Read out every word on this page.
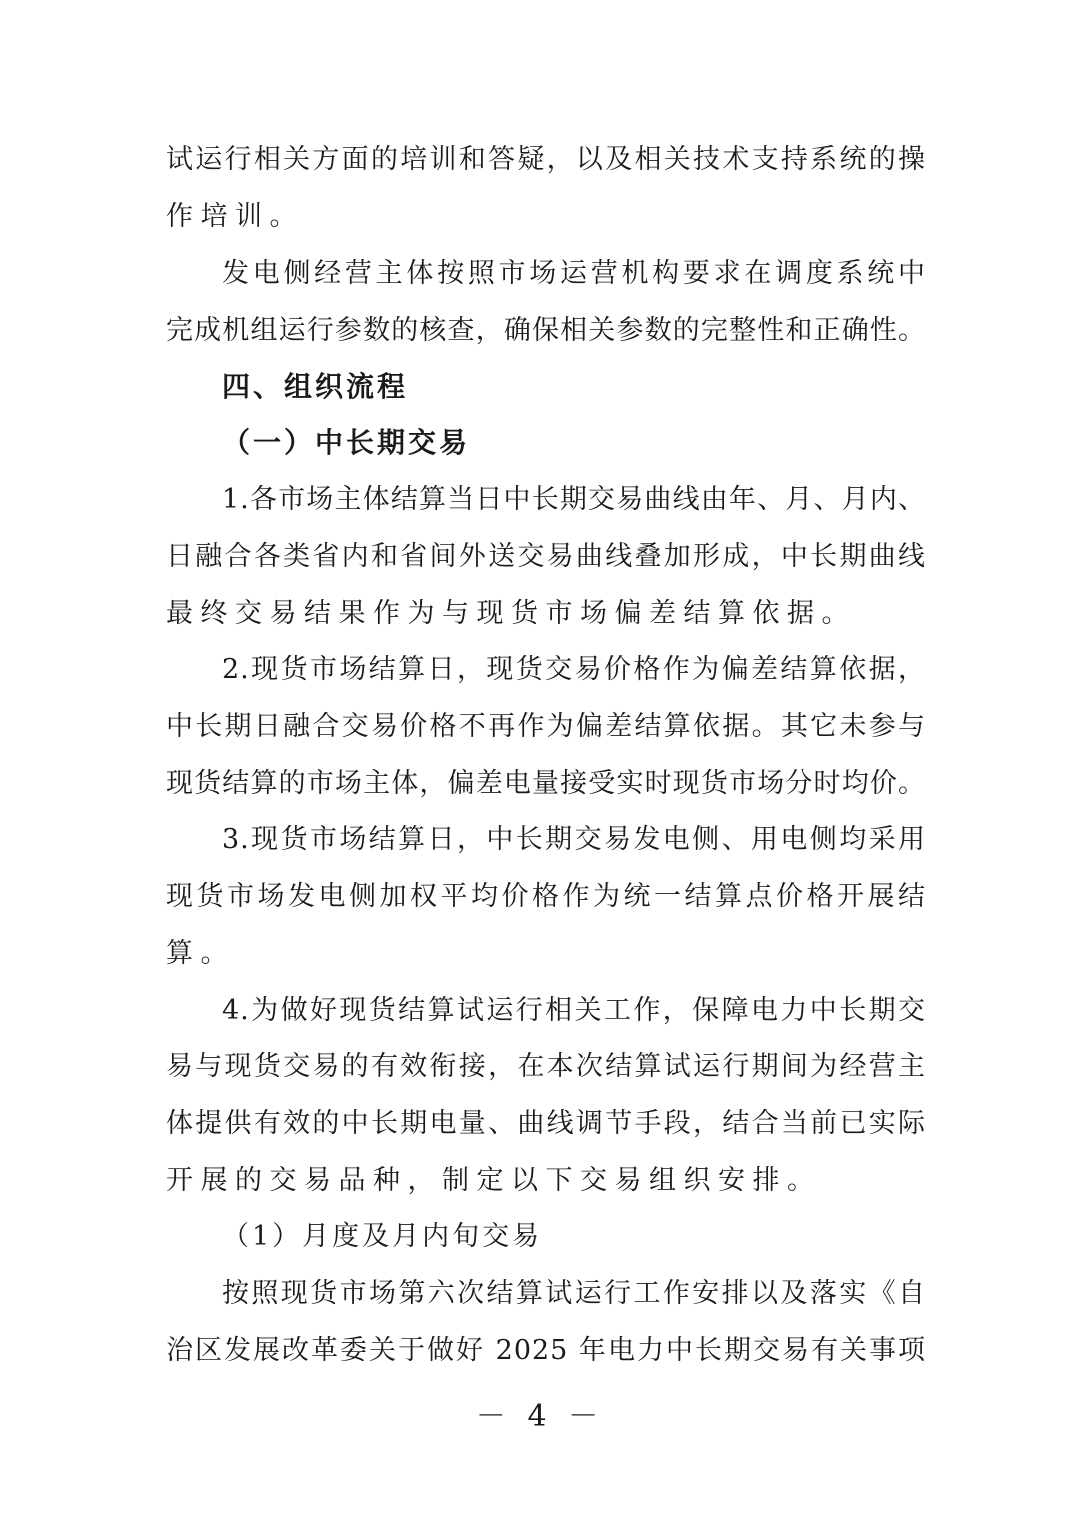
试运行相关方面的培训和答疑，以及相关技术支持系统的操
作培训。
发电侧经营主体按照市场运营机构要求在调度系统中
完成机组运行参数的核查，确保相关参数的完整性和正确性。
四、组织流程
（一）中长期交易
1.各市场主体结算当日中长期交易曲线由年、月、月内、
日融合各类省内和省间外送交易曲线叠加形成，中长期曲线
最终交易结果作为与现货市场偏差结算依据。
2.现货市场结算日，现货交易价格作为偏差结算依据，
中长期日融合交易价格不再作为偏差结算依据。其它未参与
现货结算的市场主体，偏差电量接受实时现货市场分时均价。
3.现货市场结算日，中长期交易发电侧、用电侧均采用
现货市场发电侧加权平均价格作为统一结算点价格开展结
算。
4.为做好现货结算试运行相关工作，保障电力中长期交
易与现货交易的有效衔接，在本次结算试运行期间为经营主
体提供有效的中长期电量、曲线调节手段，结合当前已实际
开展的交易品种，制定以下交易组织安排。
（1）月度及月内旬交易
按照现货市场第六次结算试运行工作安排以及落实《自
治区发展改革委关于做好 2025 年电力中长期交易有关事项
－ 4 －
